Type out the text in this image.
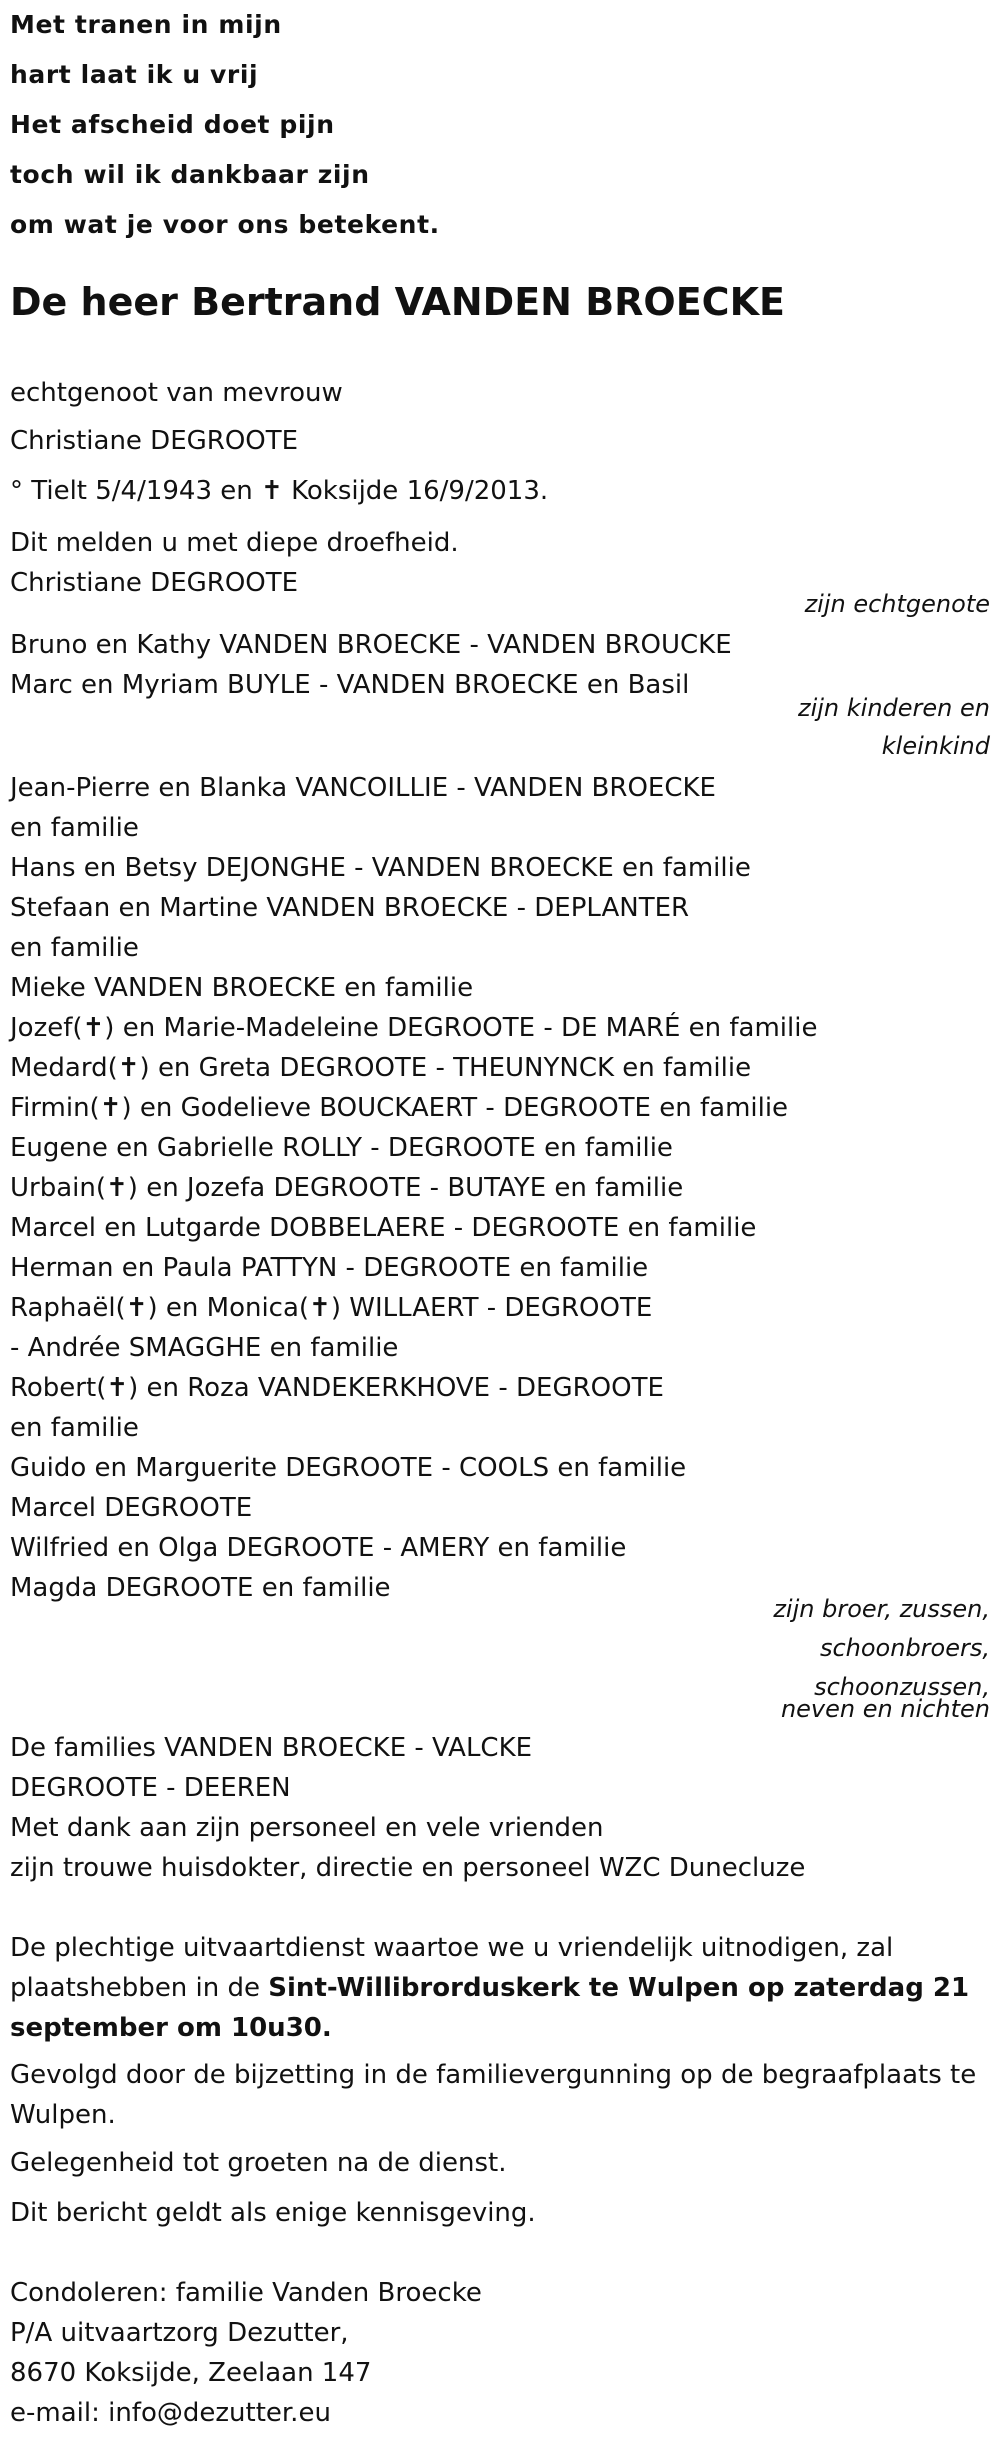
Met tranen in mijn
hart laat ik u vrij
Het afscheid doet pijn
toch wil ik dankbaar zijn
om wat je voor ons betekent.
De heer Bertrand VANDEN BROECKE
echtgenoot van mevrouw
Christiane DEGROOTE
° Tielt 5/4/1943 en ✝ Koksijde 16/9/2013.
Dit melden u met diepe droefheid.
Christiane DEGROOTE
zijn echtgenote
Bruno en Kathy VANDEN BROECKE - VANDEN BROUCKE
Marc en Myriam BUYLE - VANDEN BROECKE en Basil
zijn kinderen en
kleinkind
Jean-Pierre en Blanka VANCOILLIE - VANDEN BROECKE
en familie
Hans en Betsy DEJONGHE - VANDEN BROECKE en familie
Stefaan en Martine VANDEN BROECKE - DEPLANTER
en familie
Mieke VANDEN BROECKE en familie
Jozef(✝) en Marie-Madeleine DEGROOTE - DE MARÉ en familie
Medard(✝) en Greta DEGROOTE - THEUNYNCK en familie
Firmin(✝) en Godelieve BOUCKAERT - DEGROOTE en familie
Eugene en Gabrielle ROLLY - DEGROOTE en familie
Urbain(✝) en Jozefa DEGROOTE - BUTAYE en familie
Marcel en Lutgarde DOBBELAERE - DEGROOTE en familie
Herman en Paula PATTYN - DEGROOTE en familie
Raphaël(✝) en Monica(✝) WILLAERT - DEGROOTE
- Andrée SMAGGHE en familie
Robert(✝) en Roza VANDEKERKHOVE - DEGROOTE
en familie
Guido en Marguerite DEGROOTE - COOLS en familie
Marcel DEGROOTE
Wilfried en Olga DEGROOTE - AMERY en familie
Magda DEGROOTE en familie
zijn broer, zussen,
schoonbroers,
schoonzussen,
neven en nichten
De families VANDEN BROECKE - VALCKE
DEGROOTE - DEEREN
Met dank aan zijn personeel en vele vrienden
zijn trouwe huisdokter, directie en personeel WZC Dunecluze
De plechtige uitvaartdienst waartoe we u vriendelijk uitnodigen, zal plaatshebben in de Sint-Willibrorduskerk te Wulpen op zaterdag 21 september om 10u30.
Gevolgd door de bijzetting in de familievergunning op de begraafplaats te Wulpen.
Gelegenheid tot groeten na de dienst.
Dit bericht geldt als enige kennisgeving.
Condoleren: familie Vanden Broecke
P/A uitvaartzorg Dezutter,
8670 Koksijde, Zeelaan 147
e-mail: info@dezutter.eu
